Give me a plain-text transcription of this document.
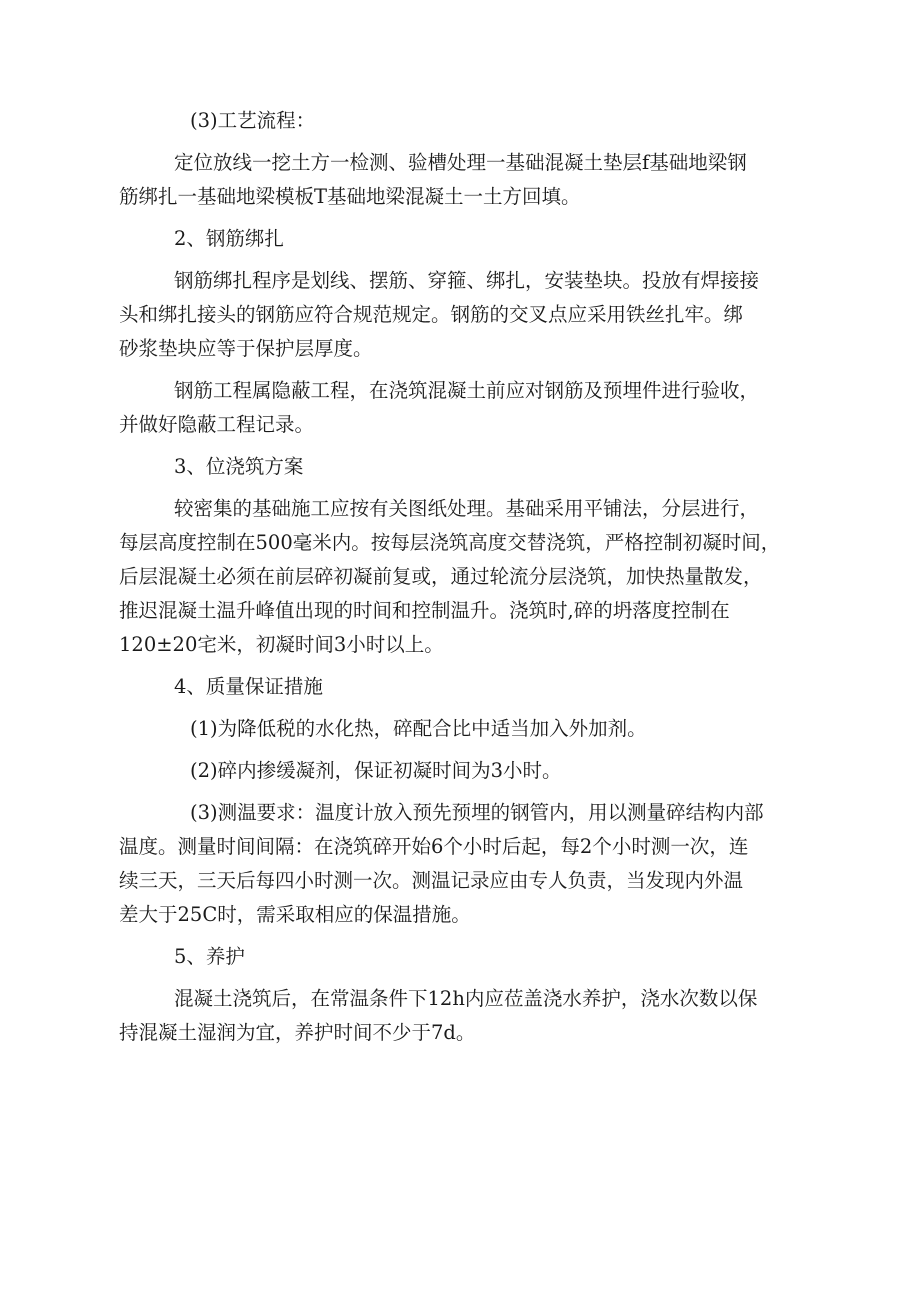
(3)工艺流程：
定位放线一挖土方一检测、验槽处理一基础混凝土垫层f基础地梁钢
筋绑扎一基础地梁模板T基础地梁混凝土一土方回填。
2、钢筋绑扎
钢筋绑扎程序是划线、摆筋、穿箍、绑扎，安装垫块。投放有焊接接
头和绑扎接头的钢筋应符合规范规定。钢筋的交叉点应采用铁丝扎牢。绑
砂浆垫块应等于保护层厚度。
钢筋工程属隐蔽工程，在浇筑混凝土前应对钢筋及预埋件进行验收，
并做好隐蔽工程记录。
3、位浇筑方案
较密集的基础施工应按有关图纸处理。基础采用平铺法，分层进行，
每层高度控制在500毫米内。按每层浇筑高度交替浇筑，严格控制初凝时间，
后层混凝土必须在前层碎初凝前复或，通过轮流分层浇筑，加快热量散发，
推迟混凝土温升峰值出现的时间和控制温升。浇筑时,碎的坍落度控制在
120±20宅米，初凝时间3小时以上。
4、质量保证措施
(1)为降低税的水化热，碎配合比中适当加入外加剂。
(2)碎内掺缓凝剂，保证初凝时间为3小时。
(3)测温要求：温度计放入预先预埋的钢管内，用以测量碎结构内部
温度。测量时间间隔：在浇筑碎开始6个小时后起，每2个小时测一次，连
续三天，三天后每四小时测一次。测温记录应由专人负责，当发现内外温
差大于25C时，需采取相应的保温措施。
5、养护
混凝土浇筑后，在常温条件下12h内应莅盖浇水养护，浇水次数以保
持混凝土湿润为宜，养护时间不少于7d。
